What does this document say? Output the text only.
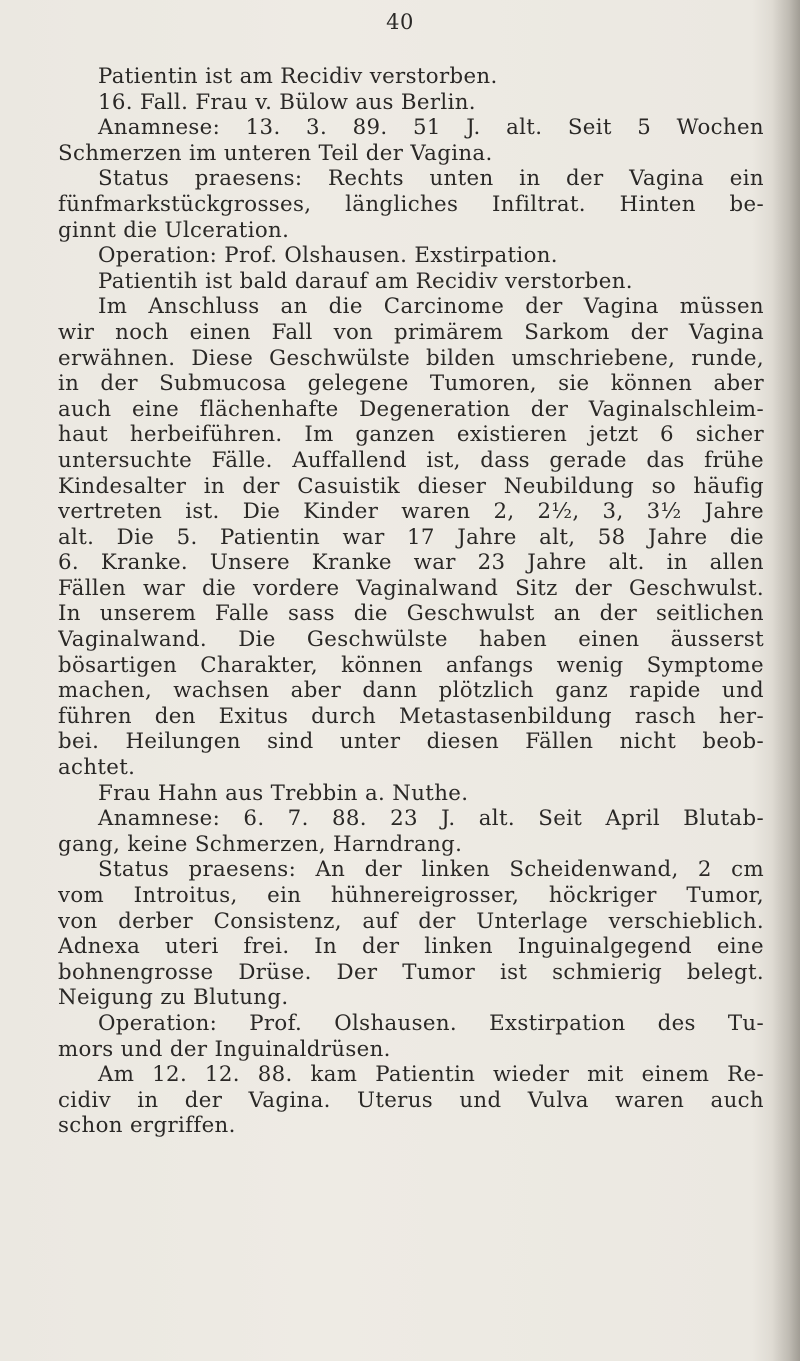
40
Patientin ist am Recidiv verstorben.
16. Fall. Frau v. Bülow aus Berlin.
Anamnese: 13. 3. 89. 51 J. alt. Seit 5 Wochen
Schmerzen im unteren Teil der Vagina.
Status praesens: Rechts unten in der Vagina ein
fünfmarkstückgrosses, längliches Infiltrat. Hinten be-
ginnt die Ulceration.
Operation: Prof. Olshausen. Exstirpation.
Patientih ist bald darauf am Recidiv verstorben.
Im Anschluss an die Carcinome der Vagina müssen
wir noch einen Fall von primärem Sarkom der Vagina
erwähnen. Diese Geschwülste bilden umschriebene, runde,
in der Submucosa gelegene Tumoren, sie können aber
auch eine flächenhafte Degeneration der Vaginalschleim-
haut herbeiführen. Im ganzen existieren jetzt 6 sicher
untersuchte Fälle. Auffallend ist, dass gerade das frühe
Kindesalter in der Casuistik dieser Neubildung so häufig
vertreten ist. Die Kinder waren 2, 2½, 3, 3½ Jahre
alt. Die 5. Patientin war 17 Jahre alt, 58 Jahre die
6. Kranke. Unsere Kranke war 23 Jahre alt. in allen
Fällen war die vordere Vaginalwand Sitz der Geschwulst.
In unserem Falle sass die Geschwulst an der seitlichen
Vaginalwand. Die Geschwülste haben einen äusserst
bösartigen Charakter, können anfangs wenig Symptome
machen, wachsen aber dann plötzlich ganz rapide und
führen den Exitus durch Metastasenbildung rasch her-
bei. Heilungen sind unter diesen Fällen nicht beob-
achtet.
Frau Hahn aus Trebbin a. Nuthe.
Anamnese: 6. 7. 88. 23 J. alt. Seit April Blutab-
gang, keine Schmerzen, Harndrang.
Status praesens: An der linken Scheidenwand, 2 cm
vom Introitus, ein hühnereigrosser, höckriger Tumor,
von derber Consistenz, auf der Unterlage verschieblich.
Adnexa uteri frei. In der linken Inguinalgegend eine
bohnengrosse Drüse. Der Tumor ist schmierig belegt.
Neigung zu Blutung.
Operation: Prof. Olshausen. Exstirpation des Tu-
mors und der Inguinaldrüsen.
Am 12. 12. 88. kam Patientin wieder mit einem Re-
cidiv in der Vagina. Uterus und Vulva waren auch
schon ergriffen.
